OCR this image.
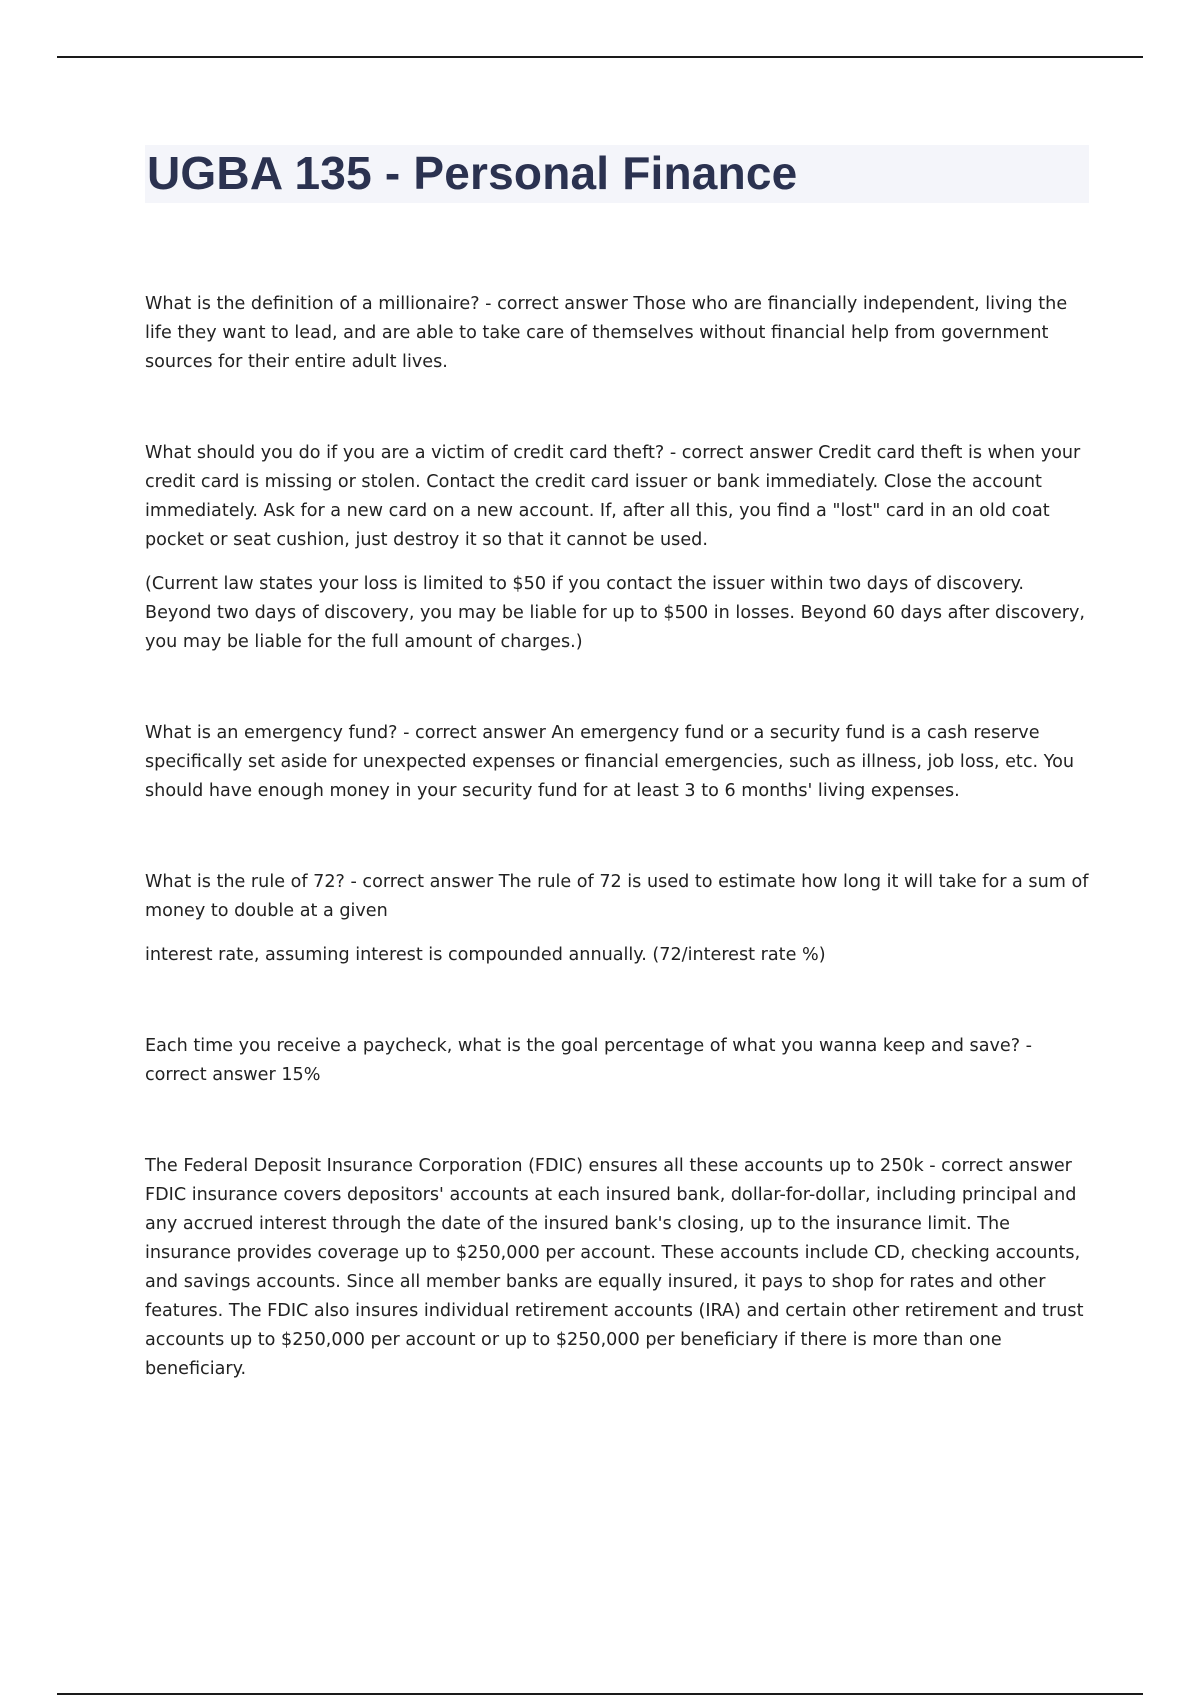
UGBA 135 - Personal Finance

What is the definition of a millionaire? - correct answer Those who are financially independent, living the life they want to lead, and are able to take care of themselves without financial help from government sources for their entire adult lives.

What should you do if you are a victim of credit card theft? - correct answer Credit card theft is when your credit card is missing or stolen. Contact the credit card issuer or bank immediately. Close the account immediately. Ask for a new card on a new account. If, after all this, you find a "lost" card in an old coat pocket or seat cushion, just destroy it so that it cannot be used.

(Current law states your loss is limited to $50 if you contact the issuer within two days of discovery. Beyond two days of discovery, you may be liable for up to $500 in losses. Beyond 60 days after discovery, you may be liable for the full amount of charges.)

What is an emergency fund? - correct answer An emergency fund or a security fund is a cash reserve specifically set aside for unexpected expenses or financial emergencies, such as illness, job loss, etc. You should have enough money in your security fund for at least 3 to 6 months' living expenses.

What is the rule of 72? - correct answer The rule of 72 is used to estimate how long it will take for a sum of money to double at a given

interest rate, assuming interest is compounded annually. (72/interest rate %)

Each time you receive a paycheck, what is the goal percentage of what you wanna keep and save? - correct answer 15%

The Federal Deposit Insurance Corporation (FDIC) ensures all these accounts up to 250k - correct answer FDIC insurance covers depositors' accounts at each insured bank, dollar-for-dollar, including principal and any accrued interest through the date of the insured bank's closing, up to the insurance limit. The insurance provides coverage up to $250,000 per account. These accounts include CD, checking accounts, and savings accounts. Since all member banks are equally insured, it pays to shop for rates and other features. The FDIC also insures individual retirement accounts (IRA) and certain other retirement and trust accounts up to $250,000 per account or up to $250,000 per beneficiary if there is more than one beneficiary.
